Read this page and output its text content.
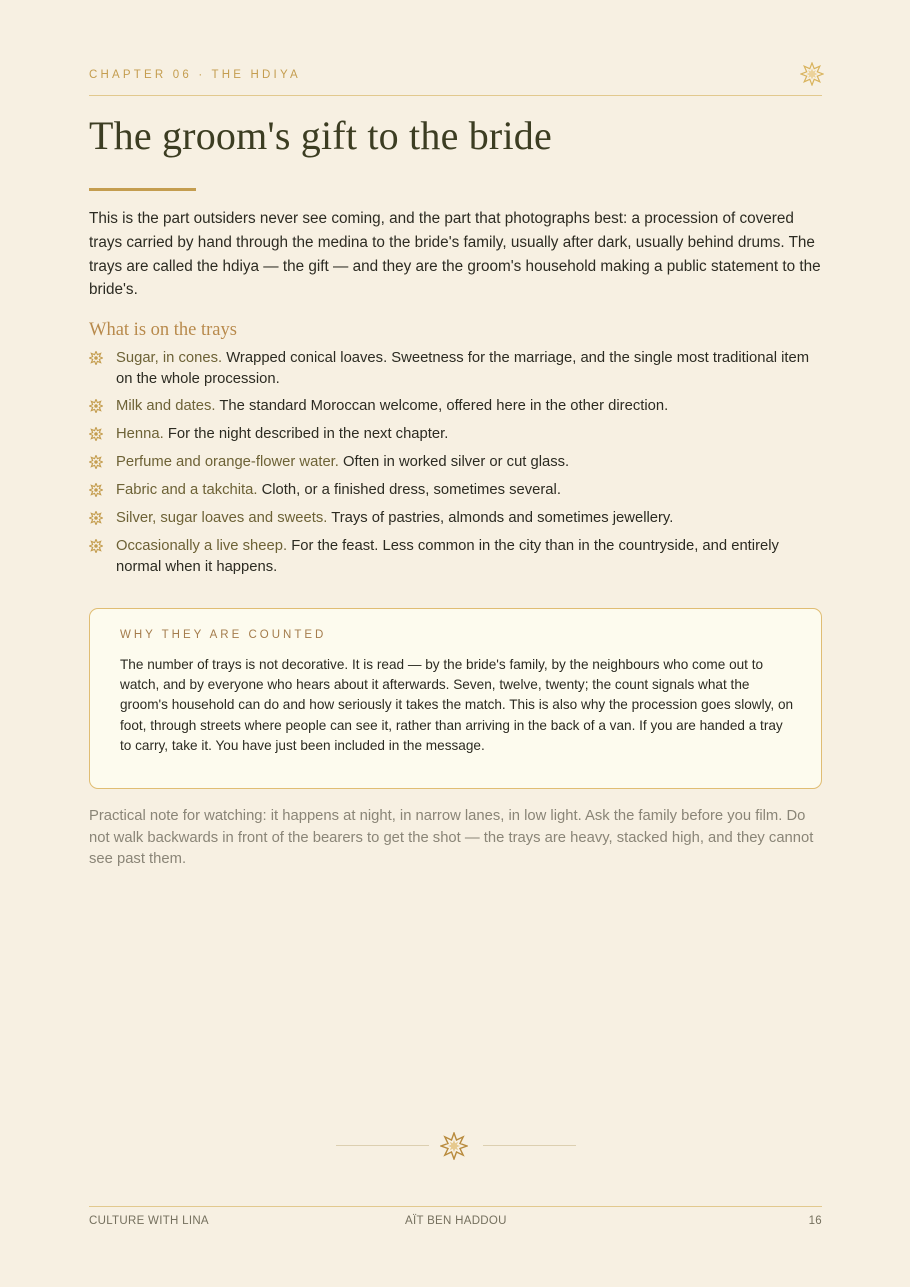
CHAPTER 06 · THE HDIYA
The groom's gift to the bride

This is the part outsiders never see coming, and the part that photographs best: a procession of covered trays carried by hand through the medina to the bride's family, usually after dark, usually behind drums. The trays are called the hdiya — the gift — and they are the groom's household making a public statement to the bride's.

What is on the trays
Sugar, in cones. Wrapped conical loaves. Sweetness for the marriage, and the single most traditional item on the whole procession.
Milk and dates. The standard Moroccan welcome, offered here in the other direction.
Henna. For the night described in the next chapter.
Perfume and orange-flower water. Often in worked silver or cut glass.
Fabric and a takchita. Cloth, or a finished dress, sometimes several.
Silver, sugar loaves and sweets. Trays of pastries, almonds and sometimes jewellery.
Occasionally a live sheep. For the feast. Less common in the city than in the countryside, and entirely normal when it happens.
WHY THEY ARE COUNTED

The number of trays is not decorative. It is read — by the bride's family, by the neighbours who come out to watch, and by everyone who hears about it afterwards. Seven, twelve, twenty; the count signals what the groom's household can do and how seriously it takes the match. This is also why the procession goes slowly, on foot, through streets where people can see it, rather than arriving in the back of a van. If you are handed a tray to carry, take it. You have just been included in the message.

Practical note for watching: it happens at night, in narrow lanes, in low light. Ask the family before you film. Do not walk backwards in front of the bearers to get the shot — the trays are heavy, stacked high, and they cannot see past them.

CULTURE WITH LINA	AÏT BEN HADDOU	16
